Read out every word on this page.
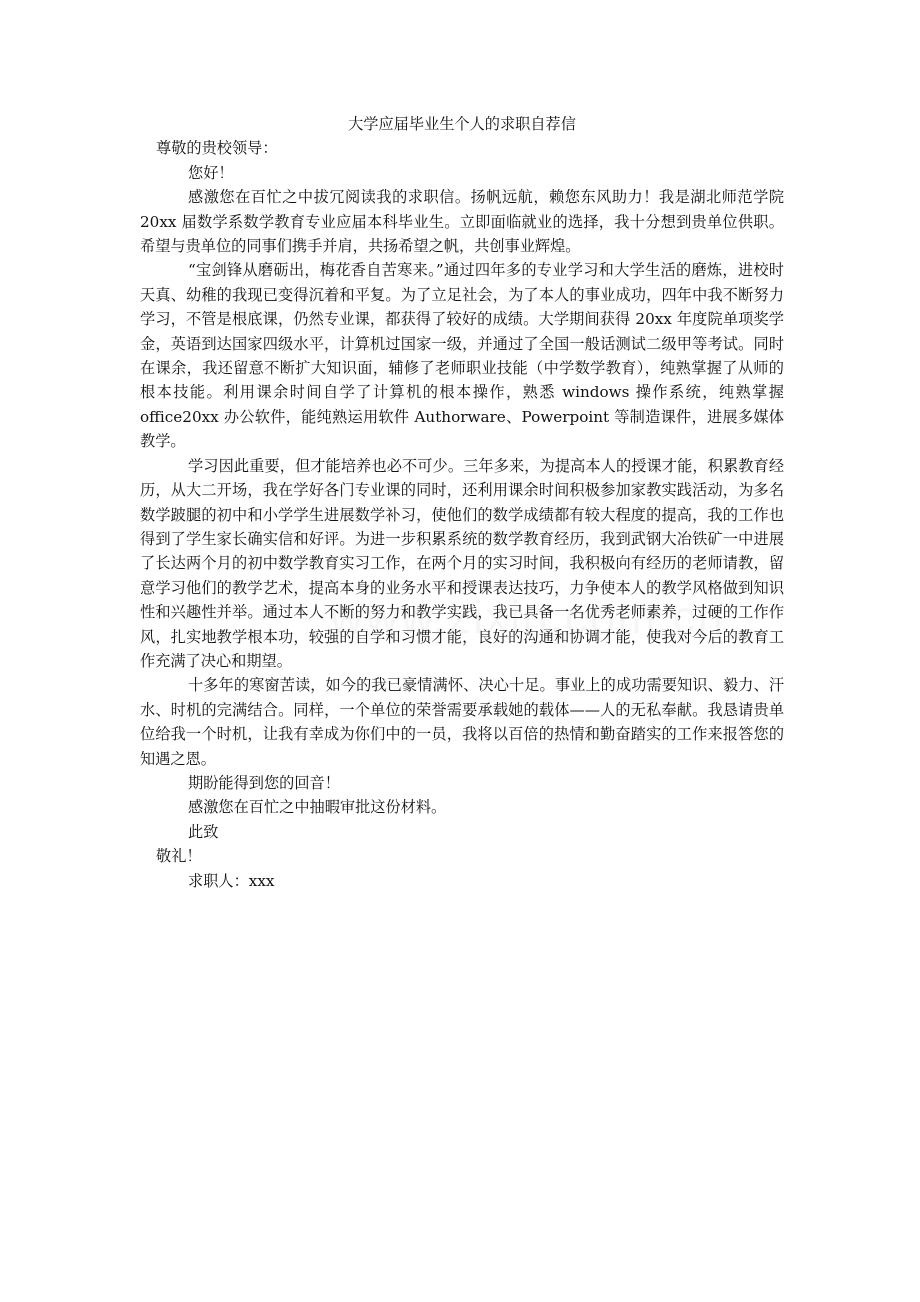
大学应届毕业生个人的求职自荐信

尊敬的贵校领导：

您好！

感激您在百忙之中拔冗阅读我的求职信。扬帆远航，赖您东风助力！我是湖北师范学院 20xx 届数学系数学教育专业应届本科毕业生。立即面临就业的选择，我十分想到贵单位供职。希望与贵单位的同事们携手并肩，共扬希望之帆，共创事业辉煌。

“宝剑锋从磨砺出，梅花香自苦寒来。”通过四年多的专业学习和大学生活的磨炼，进校时天真、幼稚的我现已变得沉着和平复。为了立足社会，为了本人的事业成功，四年中我不断努力学习，不管是根底课，仍然专业课，都获得了较好的成绩。大学期间获得 20xx 年度院单项奖学金，英语到达国家四级水平，计算机过国家一级，并通过了全国一般话测试二级甲等考试。同时在课余，我还留意不断扩大知识面，辅修了老师职业技能（中学数学教育），纯熟掌握了从师的根本技能。利用课余时间自学了计算机的根本操作，熟悉 windows 操作系统，纯熟掌握 office20xx 办公软件，能纯熟运用软件 Authorware、Powerpoint 等制造课件，进展多媒体教学。

学习因此重要，但才能培养也必不可少。三年多来，为提高本人的授课才能，积累教育经历，从大二开场，我在学好各门专业课的同时，还利用课余时间积极参加家教实践活动，为多名数学跛腿的初中和小学学生进展数学补习，使他们的数学成绩都有较大程度的提高，我的工作也得到了学生家长确实信和好评。为进一步积累系统的数学教育经历，我到武钢大冶铁矿一中进展了长达两个月的初中数学教育实习工作，在两个月的实习时间，我积极向有经历的老师请教，留意学习他们的教学艺术，提高本身的业务水平和授课表达技巧，力争使本人的教学风格做到知识性和兴趣性并举。通过本人不断的努力和教学实践，我已具备一名优秀老师素养，过硬的工作作风，扎实地教学根本功，较强的自学和习惯才能，良好的沟通和协调才能，使我对今后的教育工作充满了决心和期望。

十多年的寒窗苦读，如今的我已豪情满怀、决心十足。事业上的成功需要知识、毅力、汗水、时机的完满结合。同样，一个单位的荣誉需要承载她的载体——人的无私奉献。我恳请贵单位给我一个时机，让我有幸成为你们中的一员，我将以百倍的热情和勤奋踏实的工作来报答您的知遇之恩。

期盼能得到您的回音！

感激您在百忙之中抽暇审批这份材料。

此致

敬礼！

求职人：xxx
